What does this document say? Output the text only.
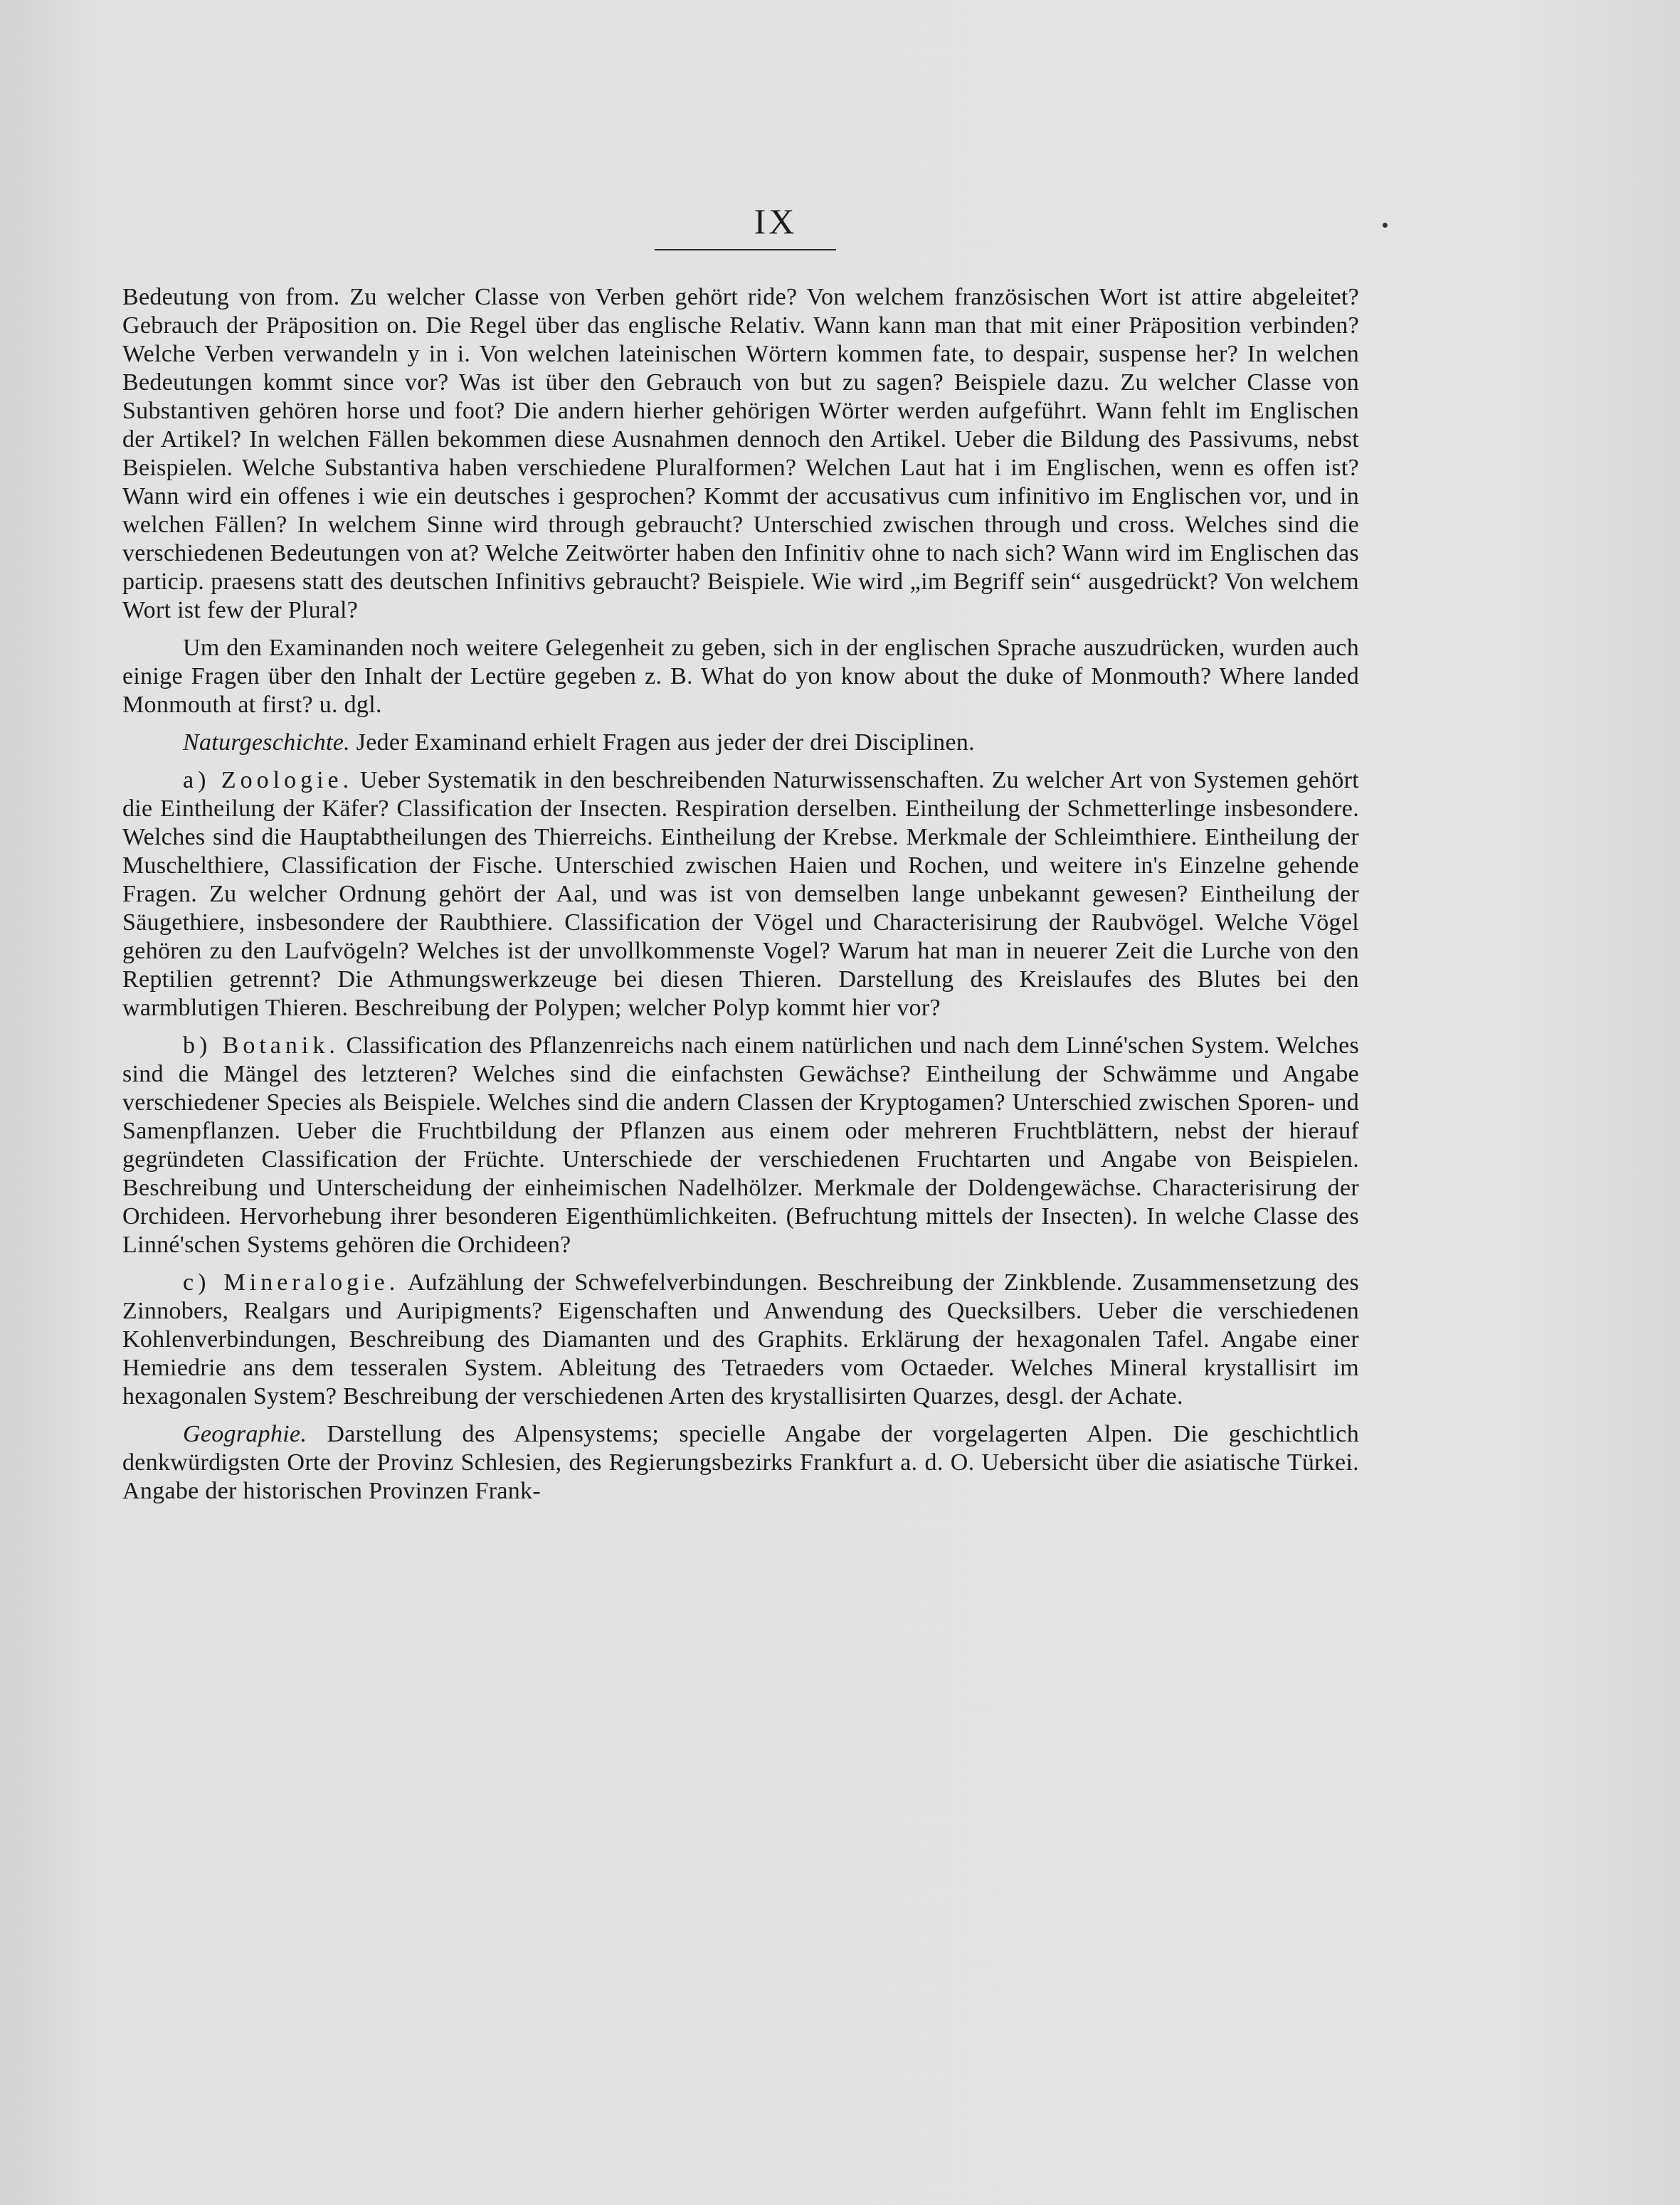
IX

Bedeutung von from. Zu welcher Classe von Verben gehört ride? Von welchem französischen Wort ist attire abgeleitet? Gebrauch der Präposition on. Die Regel über das englische Relativ. Wann kann man that mit einer Präposition verbinden? Welche Verben verwandeln y in i. Von welchen lateinischen Wörtern kommen fate, to despair, suspense her? In welchen Bedeutungen kommt since vor? Was ist über den Gebrauch von but zu sagen? Beispiele dazu. Zu welcher Classe von Substantiven gehören horse und foot? Die andern hierher gehörigen Wörter werden aufgeführt. Wann fehlt im Englischen der Artikel? In welchen Fällen bekommen diese Ausnahmen dennoch den Artikel. Ueber die Bildung des Passivums, nebst Beispielen. Welche Substantiva haben verschiedene Pluralformen? Welchen Laut hat i im Englischen, wenn es offen ist? Wann wird ein offenes i wie ein deutsches i gesprochen? Kommt der accusativus cum infinitivo im Englischen vor, und in welchen Fällen? In welchem Sinne wird through gebraucht? Unterschied zwischen through und cross. Welches sind die verschiedenen Bedeutungen von at? Welche Zeitwörter haben den Infinitiv ohne to nach sich? Wann wird im Englischen das particip. praesens statt des deutschen Infinitivs gebraucht? Beispiele. Wie wird „im Begriff sein“ ausgedrückt? Von welchem Wort ist few der Plural?

Um den Examinanden noch weitere Gelegenheit zu geben, sich in der englischen Sprache auszudrücken, wurden auch einige Fragen über den Inhalt der Lectüre gegeben z. B. What do yon know about the duke of Monmouth? Where landed Monmouth at first? u. dgl.

Naturgeschichte. Jeder Examinand erhielt Fragen aus jeder der drei Disciplinen.

a) Zoologie. Ueber Systematik in den beschreibenden Naturwissenschaften. Zu welcher Art von Systemen gehört die Eintheilung der Käfer? Classification der Insecten. Respiration derselben. Eintheilung der Schmetterlinge insbesondere. Welches sind die Hauptabtheilungen des Thierreichs. Eintheilung der Krebse. Merkmale der Schleimthiere. Eintheilung der Muschelthiere, Classification der Fische. Unterschied zwischen Haien und Rochen, und weitere in's Einzelne gehende Fragen. Zu welcher Ordnung gehört der Aal, und was ist von demselben lange unbekannt gewesen? Eintheilung der Säugethiere, insbesondere der Raubthiere. Classification der Vögel und Characterisirung der Raubvögel. Welche Vögel gehören zu den Laufvögeln? Welches ist der unvollkommenste Vogel? Warum hat man in neuerer Zeit die Lurche von den Reptilien getrennt? Die Athmungswerkzeuge bei diesen Thieren. Darstellung des Kreislaufes des Blutes bei den warmblutigen Thieren. Beschreibung der Polypen; welcher Polyp kommt hier vor?

b) Botanik. Classification des Pflanzenreichs nach einem natürlichen und nach dem Linné'schen System. Welches sind die Mängel des letzteren? Welches sind die einfachsten Gewächse? Eintheilung der Schwämme und Angabe verschiedener Species als Beispiele. Welches sind die andern Classen der Kryptogamen? Unterschied zwischen Sporen- und Samenpflanzen. Ueber die Fruchtbildung der Pflanzen aus einem oder mehreren Fruchtblättern, nebst der hierauf gegründeten Classification der Früchte. Unterschiede der verschiedenen Fruchtarten und Angabe von Beispielen. Beschreibung und Unterscheidung der einheimischen Nadelhölzer. Merkmale der Doldengewächse. Characterisirung der Orchideen. Hervorhebung ihrer besonderen Eigenthümlichkeiten. (Befruchtung mittels der Insecten). In welche Classe des Linné'schen Systems gehören die Orchideen?

c) Mineralogie. Aufzählung der Schwefelverbindungen. Beschreibung der Zinkblende. Zusammensetzung des Zinnobers, Realgars und Auripigments? Eigenschaften und Anwendung des Quecksilbers. Ueber die verschiedenen Kohlenverbindungen, Beschreibung des Diamanten und des Graphits. Erklärung der hexagonalen Tafel. Angabe einer Hemiedrie ans dem tesseralen System. Ableitung des Tetraeders vom Octaeder. Welches Mineral krystallisirt im hexagonalen System? Beschreibung der verschiedenen Arten des krystallisirten Quarzes, desgl. der Achate.

Geographie. Darstellung des Alpensystems; specielle Angabe der vorgelagerten Alpen. Die geschichtlich denkwürdigsten Orte der Provinz Schlesien, des Regierungsbezirks Frankfurt a. d. O. Uebersicht über die asiatische Türkei. Angabe der historischen Provinzen Frank-
